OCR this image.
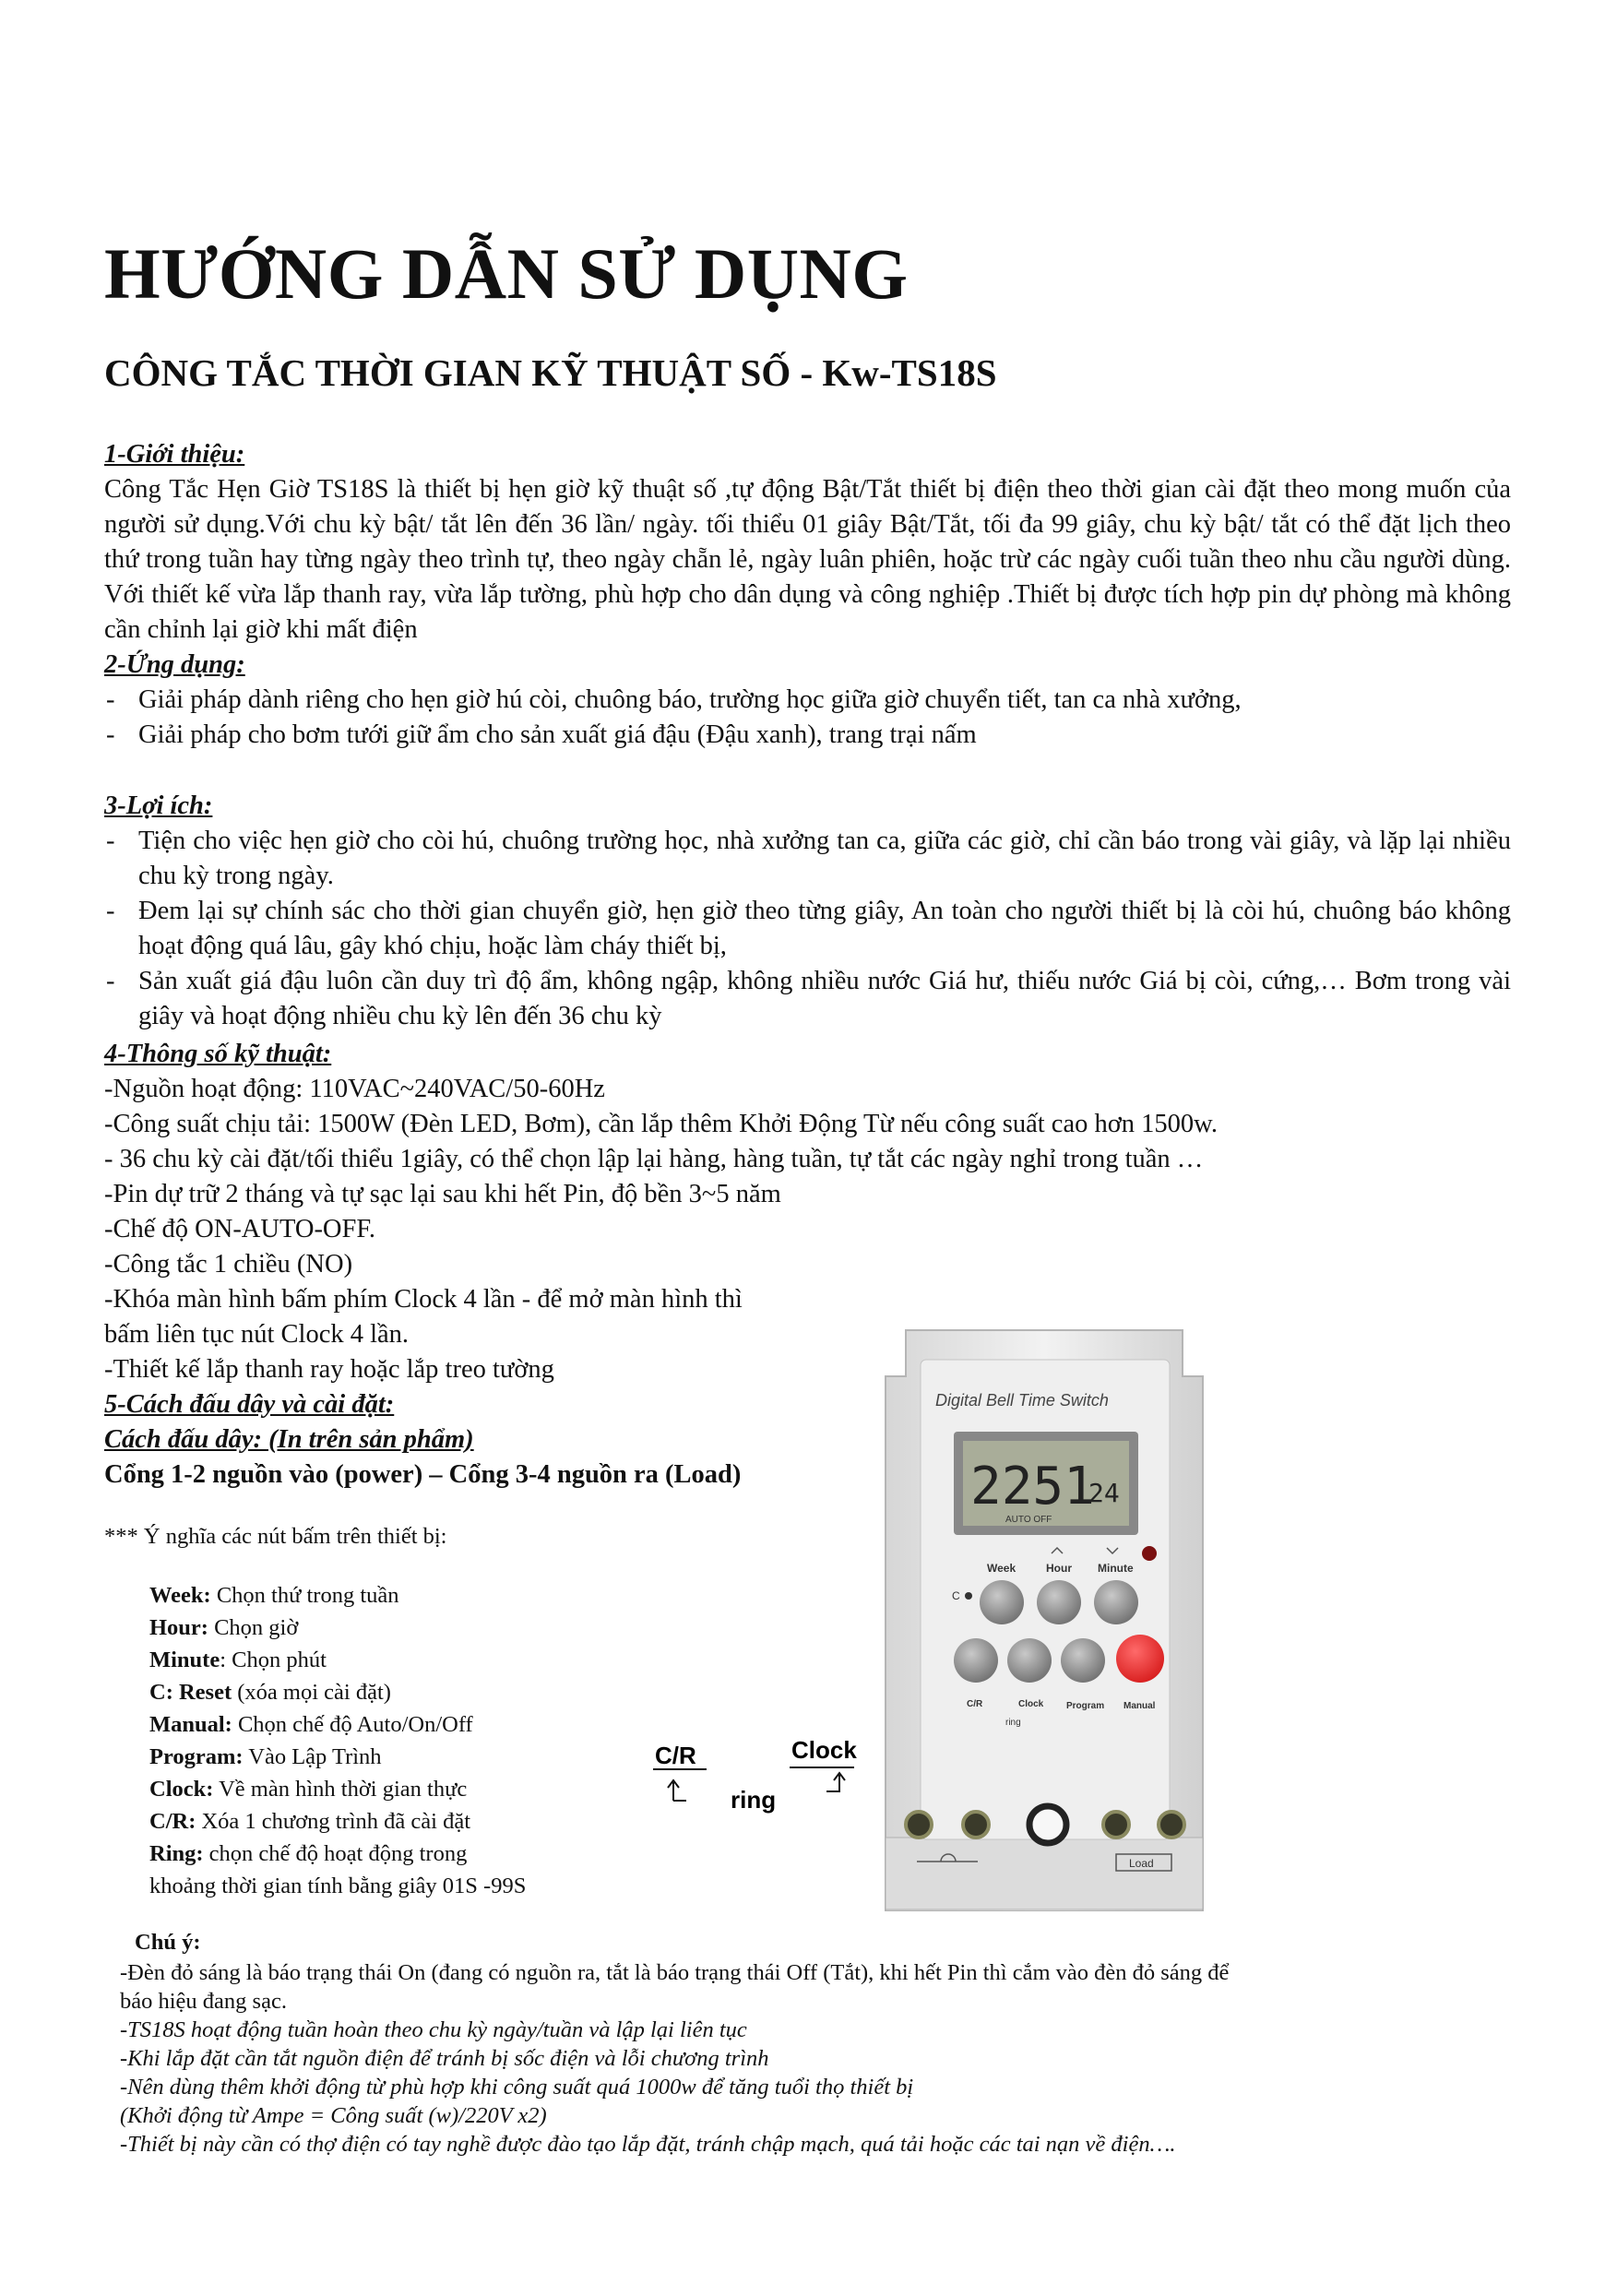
HƯỚNG DẪN SỬ DỤNG
CÔNG TẮC THỜI GIAN KỸ THUẬT SỐ - Kw-TS18S

1-Giới thiệu:

Công Tắc Hẹn Giờ TS18S là thiết bị hẹn giờ kỹ thuật số ,tự động Bật/Tắt thiết bị điện theo thời gian cài đặt theo mong muốn của người sử dụng.Với chu kỳ bật/ tắt lên đến 36 lần/ ngày. tối thiểu 01 giây Bật/Tắt, tối đa 99 giây, chu kỳ bật/ tắt có thể đặt lịch theo thứ trong tuần hay từng ngày theo trình tự, theo ngày chẵn lẻ, ngày luân phiên, hoặc trừ các ngày cuối tuần theo nhu cầu người dùng. Với thiết kế vừa lắp thanh ray, vừa lắp tường, phù hợp cho dân dụng và công nghiệp .Thiết bị được tích hợp pin dự phòng mà không cần chỉnh lại giờ khi mất điện

2-Ứng dụng:

- Giải pháp dành riêng cho hẹn giờ hú còi, chuông báo, trường học giữa giờ chuyển tiết, tan ca nhà xưởng,
- Giải pháp cho bơm tưới giữ ẩm cho sản xuất giá đậu (Đậu xanh), trang trại nấm

3-Lợi ích:

- Tiện cho việc hẹn giờ cho còi hú, chuông trường học, nhà xưởng tan ca, giữa các giờ, chỉ cần báo trong vài giây, và lặp lại nhiều chu kỳ trong ngày.
- Đem lại sự chính sác cho thời gian chuyển giờ, hẹn giờ theo từng giây, An toàn cho người thiết bị là còi hú, chuông báo không hoạt động quá lâu, gây khó chịu, hoặc làm cháy thiết bị,
- Sản xuất giá đậu luôn cần duy trì độ ẩm, không ngập, không nhiều nước Giá hư, thiếu nước Giá bị còi, cứng,… Bơm trong vài giây và hoạt động nhiều chu kỳ lên đến 36 chu kỳ

4-Thông số kỹ thuật:

-Nguồn hoạt động: 110VAC~240VAC/50-60Hz

-Công suất chịu tải: 1500W (Đèn LED, Bơm), cần lắp thêm Khởi Động Từ nếu công suất cao hơn 1500w.

- 36 chu kỳ cài đặt/tối thiểu 1giây, có thể chọn lập lại hàng, hàng tuần, tự tắt các ngày nghỉ trong tuần …

-Pin dự trữ 2 tháng và tự sạc lại sau khi hết Pin, độ bền 3~5 năm

-Chế độ ON-AUTO-OFF.

-Công tắc 1 chiều (NO)

-Khóa màn hình bấm phím Clock 4 lần - để mở màn hình thì

bấm liên tục nút Clock 4 lần.

-Thiết kế lắp thanh ray hoặc lắp treo tường

5-Cách đấu dây và cài đặt:

Cách đấu dây: (In trên sản phẩm)

Cổng 1-2 nguồn vào (power) – Cổng 3-4 nguồn ra (Load)

*** Ý nghĩa các nút bấm trên thiết bị:

Week: Chọn thứ trong tuần

Hour: Chọn giờ

Minute: Chọn phút

C: Reset (xóa mọi cài đặt)

Manual: Chọn chế độ Auto/On/Off

Program: Vào Lập Trình

Clock: Về màn hình thời gian thực

C/R: Xóa 1 chương trình đã cài đặt

Ring: chọn chế độ hoạt động trong

khoảng thời gian tính bằng giây 01S -99S

C/R
ring
Clock
Digital Bell Time Switch
2251
24
AUTO OFF
Week	Hour Minute
C
C/R	Clock Program Manual
ring
Load

Chú ý:

-Đèn đỏ sáng là báo trạng thái On (đang có nguồn ra, tắt là báo trạng thái Off (Tắt), khi hết Pin thì cắm vào đèn đỏ sáng để

báo hiệu đang sạc.

-TS18S hoạt động tuần hoàn theo chu kỳ ngày/tuần và lập lại liên tục

-Khi lắp đặt cần tắt nguồn điện để tránh bị sốc điện và lỗi chương trình

-Nên dùng thêm khởi động từ phù hợp khi công suất quá 1000w để tăng tuổi thọ thiết bị

(Khởi động từ Ampe = Công suất (w)/220V x2)

-Thiết bị này cần có thợ điện có tay nghề được đào tạo lắp đặt, tránh chập mạch, quá tải hoặc các tai nạn về điện….
